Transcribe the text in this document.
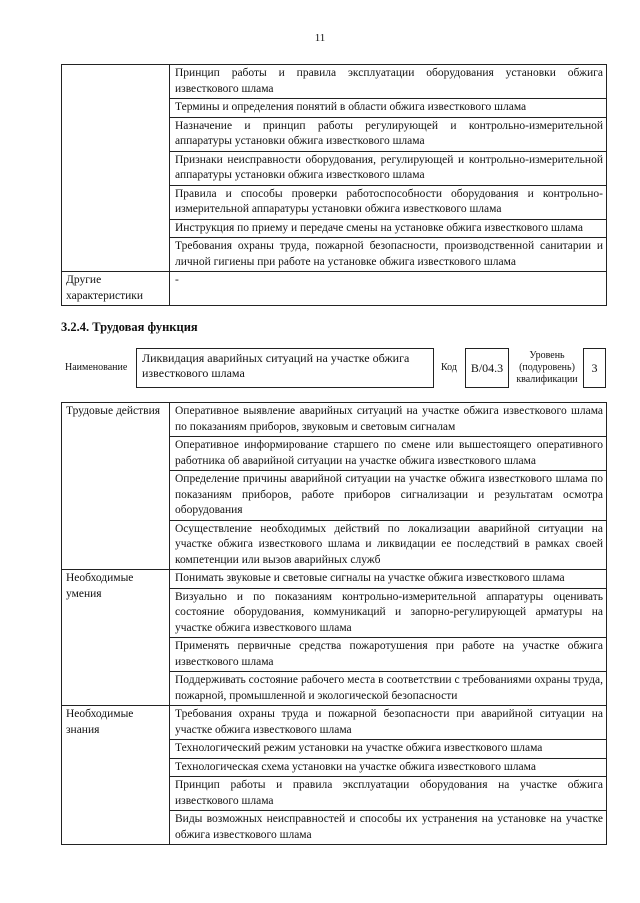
11
	Принцип работы и правила эксплуатации оборудования установки обжига известкового шлама
	Термины и определения понятий в области обжига известкового шлама
	Назначение и принцип работы регулирующей и контрольно-измерительной аппаратуры установки обжига известкового шлама
	Признаки неисправности оборудования, регулирующей и контрольно-измерительной аппаратуры установки обжига известкового шлама
	Правила и способы проверки работоспособности оборудования и контрольно-измерительной аппаратуры установки обжига известкового шлама
	Инструкция по приему и передаче смены на установке обжига известкового шлама
	Требования охраны труда, пожарной безопасности, производственной санитарии и личной гигиены при работе на установке обжига известкового шлама
Другие характеристики	-
3.2.4. Трудовая функция
Наименование
Ликвидация аварийных ситуаций на участке обжига известкового шлама	Код	В/04.3
Уровень (подуровень) квалификации
3
Трудовые действия	Оперативное выявление аварийных ситуаций на участке обжига известкового шлама по показаниям приборов, звуковым и световым сигналам
	Оперативное информирование старшего по смене или вышестоящего оперативного работника об аварийной ситуации на участке обжига известкового шлама
	Определение причины аварийной ситуации на участке обжига известкового шлама по показаниям приборов, работе приборов сигнализации и результатам осмотра оборудования
	Осуществление необходимых действий по локализации аварийной ситуации на участке обжига известкового шлама и ликвидации ее последствий в рамках своей компетенции или вызов аварийных служб
Необходимые умения	Понимать звуковые и световые сигналы на участке обжига известкового шлама
	Визуально и по показаниям контрольно-измерительной аппаратуры оценивать состояние оборудования, коммуникаций и запорно-регулирующей арматуры на участке обжига известкового шлама
	Применять первичные средства пожаротушения при работе на участке обжига известкового шлама
	Поддерживать состояние рабочего места в соответствии с требованиями охраны труда, пожарной, промышленной и экологической безопасности
Необходимые знания	Требования охраны труда и пожарной безопасности при аварийной ситуации на участке обжига известкового шлама
	Технологический режим установки на участке обжига известкового шлама
	Технологическая схема установки на участке обжига известкового шлама
	Принцип работы и правила эксплуатации оборудования на участке обжига известкового шлама
	Виды возможных неисправностей и способы их устранения на установке на участке обжига известкового шлама
